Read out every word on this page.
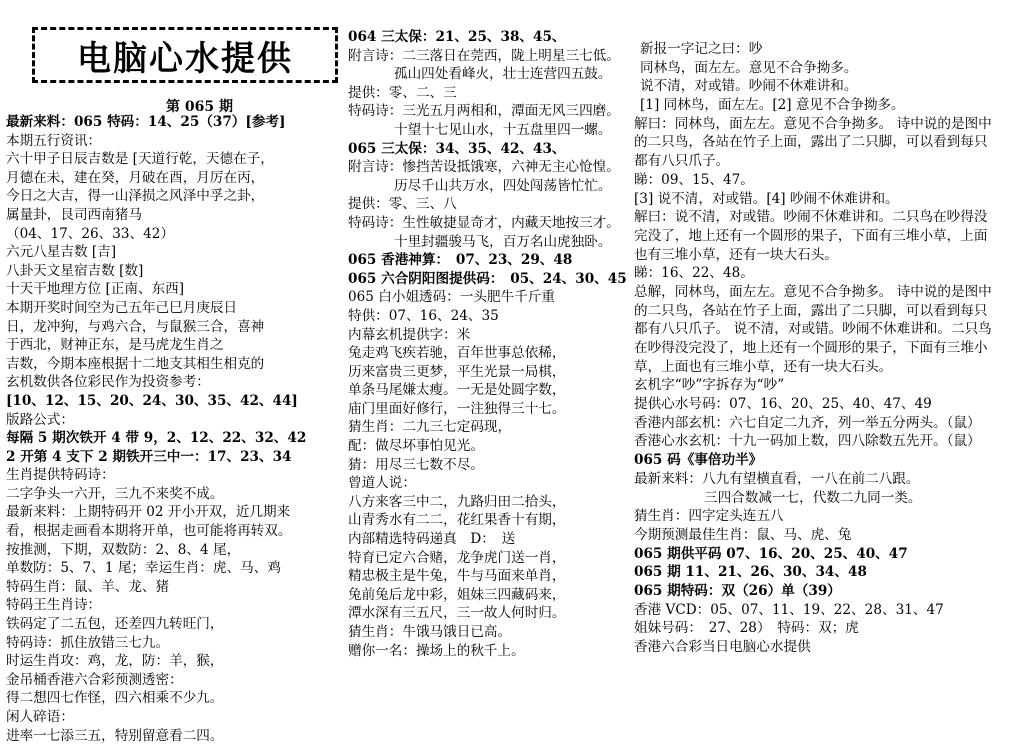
电脑心水提供
第 065 期
最新来料：065 特码：14、25（37）[参考]
本期五行资讯：
六十甲子日辰吉数是 [天道行乾，天德在子，
月德在未，建在癸，月破在酉，月厉在丙，
今日之大吉，得一山泽损之风泽中孚之卦，
属量卦，艮司西南猪马
（04、17、26、33、42）
六元八星吉数 [吉]
八卦天文星宿吉数 [数]
十天干地理方位 [正南、东西]
本期开奖时间空为己五年己巳月庚辰日
日，龙冲狗，与鸡六合，与鼠猴三合，喜神
于西北，财神正东，是马虎龙生肖之
吉数，今期本座根据十二地支其相生相克的
玄机数供各位彩民作为投资参考：
[10、12、15、20、24、30、35、42、44]
版路公式：
每隔 5 期次铁开 4 带 9，2、12、22、32、42
2 开第 4 支下 2 期铁开三中一：17、23、34
生肖提供特码诗：
二字争头一六开，三九不来奖不成。
最新来料：上期特码开 02 开小开双，近几期来
看，根据走画看本期将开单，也可能将再转双。
按推测，下期，双数防：2、8、4 尾，
单数防：5、7、1 尾；幸运生肖：虎、马、鸡
特码生肖：鼠、羊、龙、猪
特码王生肖诗：
铁码定了二五包，还差四九转旺门，
特码诗：抓住放错三七九。
时运生肖攻：鸡，龙，防：羊，猴，
金吊桶香港六合彩预测透密：
得二想四七作怪，四六相乘不少九。
闲人碎语：
进率一七添三五，特别留意看二四。
064 三太保：21、25、38、45、
附言诗：二三落日在莞西，陇上明星三七低。
孤山四处看峰火，壮士连营四五鼓。
提供：零、二、三
特码诗：三光五月两相和，潭面无风三四磨。
十望十七见山水，十五盘里四一螺。
065 三太保：34、35、42、43、
附言诗：惨挡苦设抵饿寒，六神无主心怆惶。
历尽千山共万水，四处闯荡皆忙忙。
提供：零、三、八
特码诗：生性敏捷显奇才，内藏天地按三才。
十里封疆骏马飞，百万名山虎独卧。
065 香港神算：　07、23、29、48
065 六合阴阳图提供码：　05、24、30、45
065 白小姐透码：一头肥牛千斤重
特供：07、16、24、35
内幕玄机提供字：米
兔走鸡飞疾若驰，百年世事总依稀，
历来富贵三更梦，平生光景一局棋，
单条马尾嫌太瘦。一无是处圆字数，
庙门里面好修行，一注独得三十七。
猜生肖：二九三七定码现，
配：做尽坏事怕见光。
猜：用尽三七数不尽。
曾道人说：
八方来客三中二，九路归田二拾头，
山青秀水有二二，花红果香十有期，
内部精选特码递真　D：　送
特育已定六合赌，龙争虎门送一肖，
精忠极主是牛兔，牛与马面来单肖，
兔前兔后龙中彩，姐妹三四藏码来，
潭水深有三五尺，三一故人何时归。
猜生肖：牛饿马饿日已高。
赠你一名：操场上的秋千上。
新报一字记之曰：吵
同林鸟，面左左。意见不合争拗多。
说不清，对或错。吵闹不休难讲和。
[1] 同林鸟，面左左。[2] 意见不合争拗多。
解曰：同林鸟，面左左。意见不合争拗多。 诗中说的是图中
的二只鸟，各站在竹子上面，露出了二只脚，可以看到每只
都有八只爪子。
睇：09、15、47。
[3] 说不清，对或错。[4] 吵闹不休难讲和。
解曰：说不清，对或错。吵闹不休难讲和。二只鸟在吵得没
完没了，地上还有一个圆形的果子，下面有三堆小草，上面
也有三堆小草，还有一块大石头。
睇：16、22、48。
总解，同林鸟，面左左。意见不合争拗多。 诗中说的是图中
的二只鸟，各站在竹子上面，露出了二只脚，可以看到每只
都有八只爪子。 说不清，对或错。吵闹不休难讲和。二只鸟
在吵得没完没了，地上还有一个圆形的果子，下面有三堆小
草，上面也有三堆小草，还有一块大石头。
玄机字“吵”字拆存为“吵”
提供心水号码：07、16、20、25、40、47、49
香港内部玄机：六七自定二九齐，列一举五分两头。（鼠）
香港心水玄机：十九一码加上数，四八除数五先开。（鼠）
065 码《事倍功半》
最新来料：八九有望横直看，一八在前二八跟。
三四合数减一七，代数二九同一类。
猜生肖：四字定头连五八
今期预测最佳生肖：鼠、马、虎、兔
065 期供平码 07、16、20、25、40、47
065 期 11、21、26、30、34、48
065 期特码：双（26）单（39）
香港 VCD：05、07、11、19、22、28、31、47
姐妹号码：　27、28）　特码：双；虎
香港六合彩当日电脑心水提供
